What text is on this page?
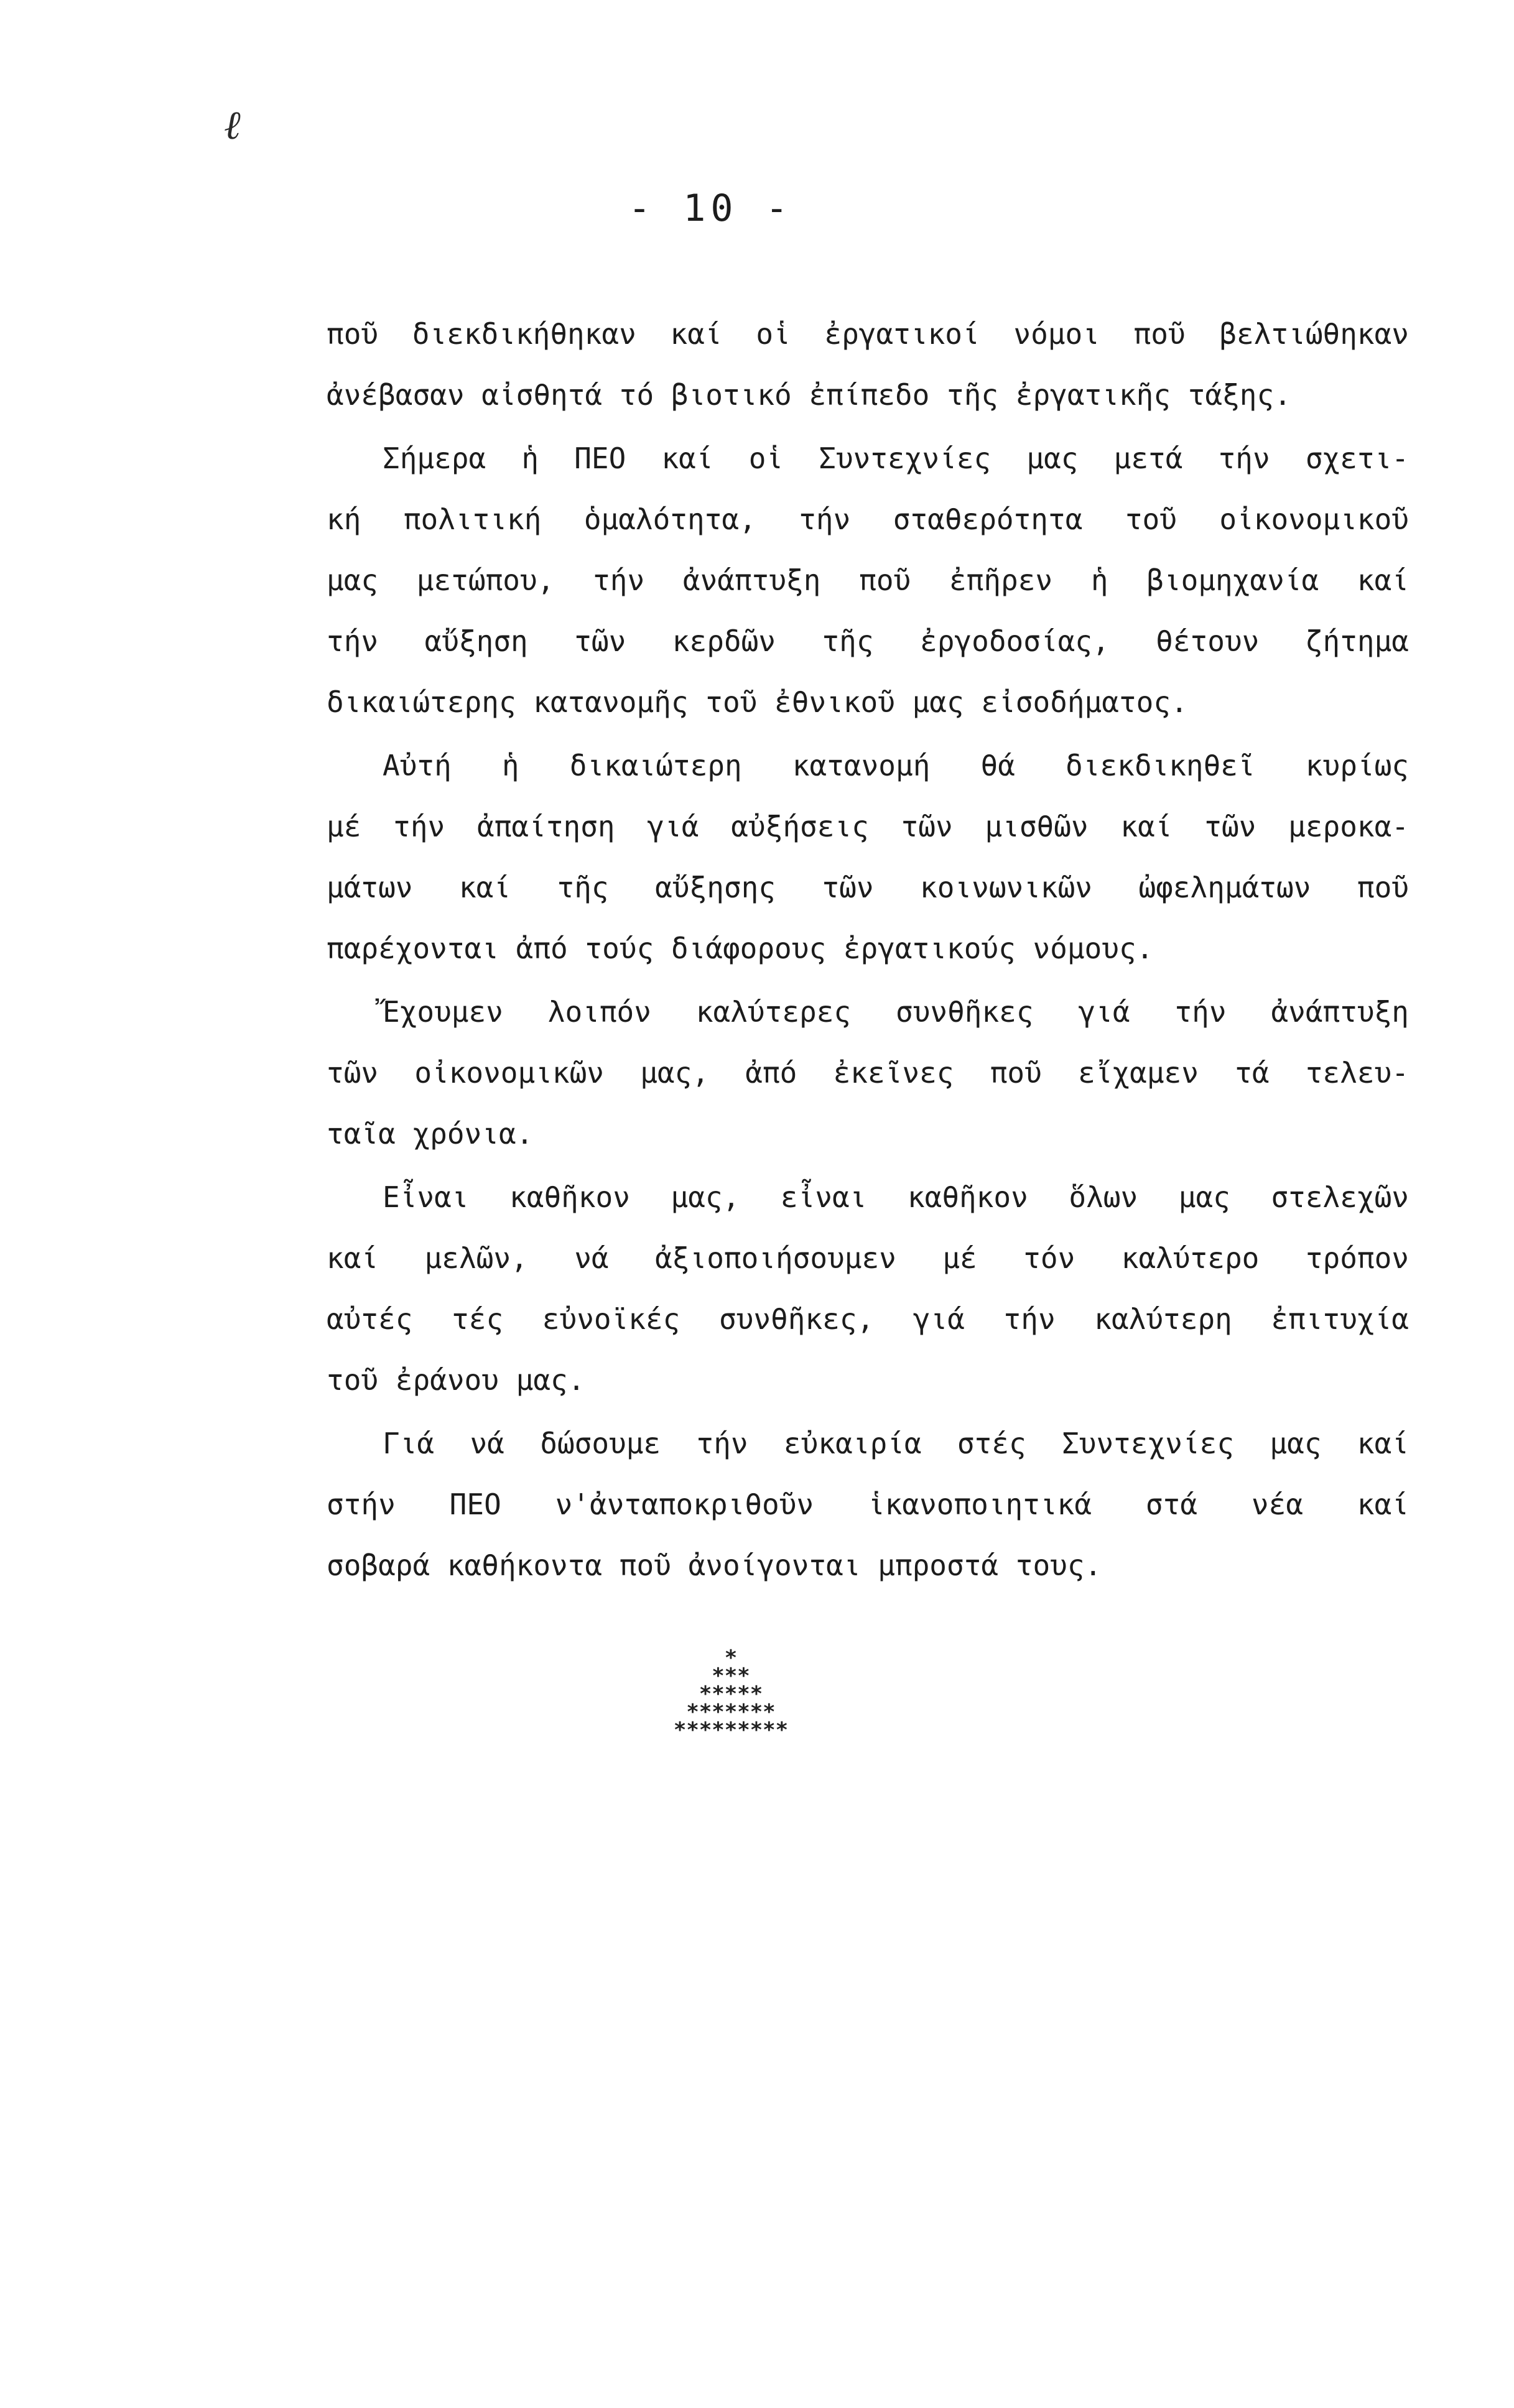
ℓ
- 10 -

ποῦ διεκδικήθηκαν καί οἱ ἐργατικοί νόμοι ποῦ βελτιώθηκαν
ἀνέβασαν αἰσθητά τό βιοτικό ἐπίπεδο τῆς ἐργατικῆς τάξης.

Σήμερα ἡ ΠΕΟ καί οἱ Συντεχνίες μας μετά τήν σχετι-
κή πολιτική ὁμαλότητα, τήν σταθερότητα τοῦ οἰκονομικοῦ
μας μετώπου, τήν ἀνάπτυξη ποῦ ἐπῆρεν ἡ βιομηχανία καί
τήν αὔξηση τῶν κερδῶν τῆς ἐργοδοσίας, θέτουν ζήτημα
δικαιώτερης κατανομῆς τοῦ ἐθνικοῦ μας εἰσοδήματος.

Αὐτή ἡ δικαιώτερη κατανομή θά διεκδικηθεῖ κυρίως
μέ τήν ἀπαίτηση γιά αὐξήσεις τῶν μισθῶν καί τῶν μεροκα-
μάτων καί τῆς αὔξησης τῶν κοινωνικῶν ὠφελημάτων ποῦ
παρέχονται ἀπό τούς διάφορους ἐργατικούς νόμους.

Ἔχουμεν λοιπόν καλύτερες συνθῆκες γιά τήν ἀνάπτυξη
τῶν οἰκονομικῶν μας, ἀπό ἐκεῖνες ποῦ εἴχαμεν τά τελευ-
ταῖα χρόνια.

Εἶναι καθῆκον μας, εἶναι καθῆκον ὅλων μας στελεχῶν
καί μελῶν, νά ἀξιοποιήσουμεν μέ τόν καλύτερο τρόπον
αὐτές τές εὐνοϊκές συνθῆκες, γιά τήν καλύτερη ἐπιτυχία
τοῦ ἐράνου μας.

Γιά νά δώσουμε τήν εὐκαιρία στές Συντεχνίες μας καί
στήν ΠΕΟ ν'ἀνταποκριθοῦν ἱκανοποιητικά στά νέα καί
σοβαρά καθήκοντα ποῦ ἀνοίγονται μπροστά τους.

*
***
*****
*******
*********
